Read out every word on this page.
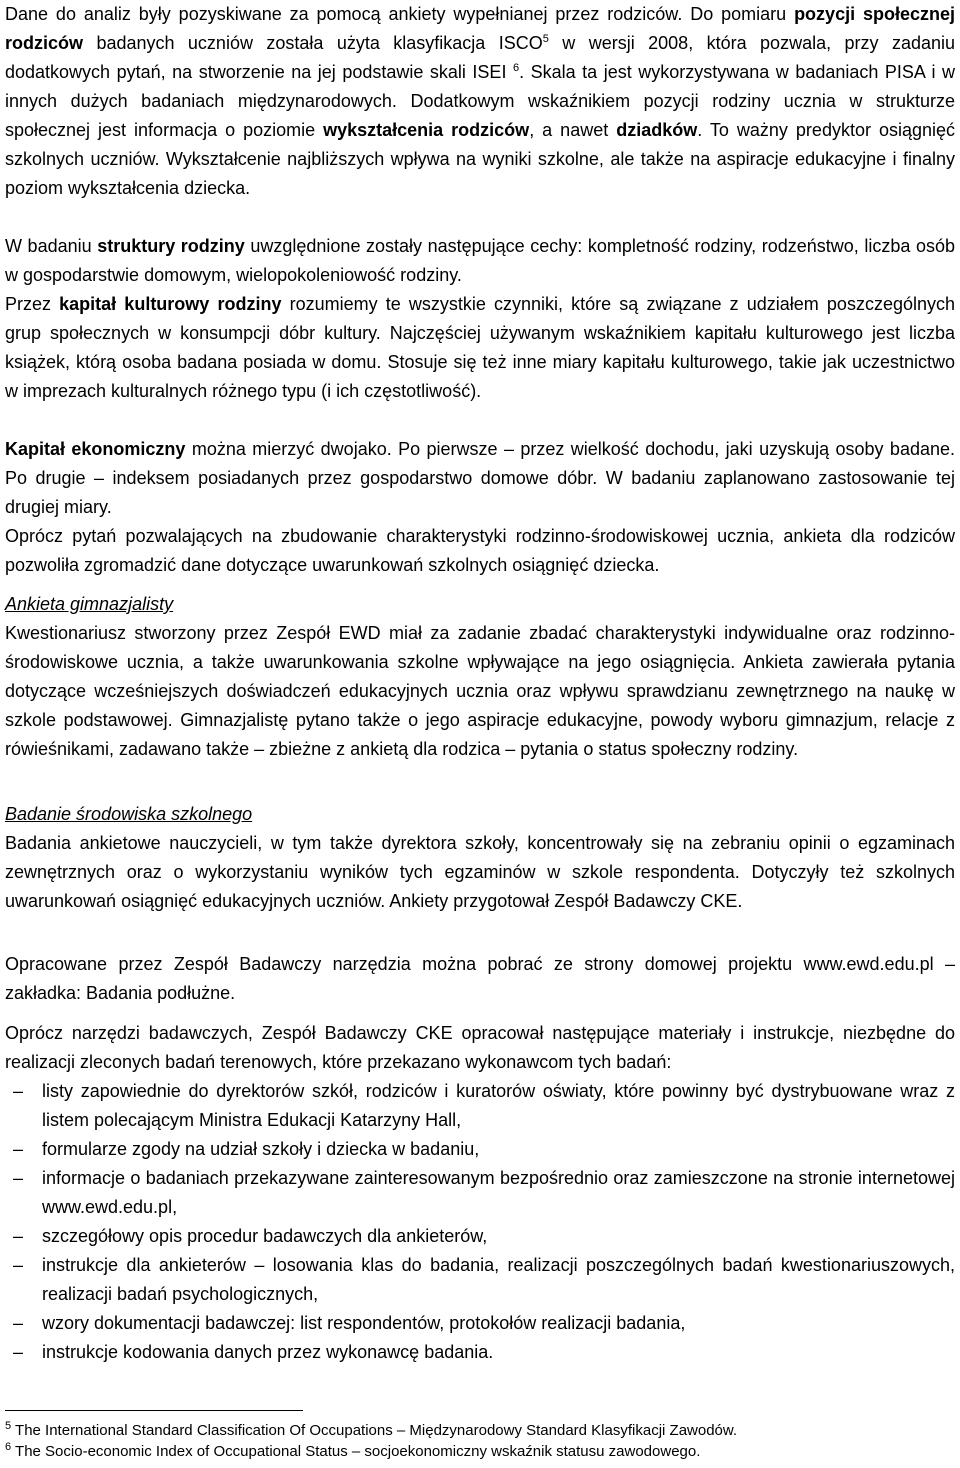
Dane do analiz były pozyskiwane za pomocą ankiety wypełnianej przez rodziców. Do pomiaru pozycji społecznej rodziców badanych uczniów została użyta klasyfikacja ISCO$^5$ w wersji 2008, która pozwala, przy zadaniu dodatkowych pytań, na stworzenie na jej podstawie skali ISEI $^6$. Skala ta jest wykorzystywana w badaniach PISA i w innych dużych badaniach międzynarodowych. Dodatkowym wskaźnikiem pozycji rodziny ucznia w strukturze społecznej jest informacja o poziomie wykształcenia rodziców, a nawet dziadków. To ważny predyktor osiągnięć szkolnych uczniów. Wykształcenie najbliższych wpływa na wyniki szkolne, ale także na aspiracje edukacyjne i finalny poziom wykształcenia dziecka.

W badaniu struktury rodziny uwzględnione zostały następujące cechy: kompletność rodziny, rodzeństwo, liczba osób w gospodarstwie domowym, wielopokoleniowość rodziny.

Przez kapitał kulturowy rodziny rozumiemy te wszystkie czynniki, które są związane z udziałem poszczególnych grup społecznych w konsumpcji dóbr kultury. Najczęściej używanym wskaźnikiem kapitału kulturowego jest liczba książek, którą osoba badana posiada w domu. Stosuje się też inne miary kapitału kulturowego, takie jak uczestnictwo w imprezach kulturalnych różnego typu (i ich częstotliwość).

Kapitał ekonomiczny można mierzyć dwojako. Po pierwsze – przez wielkość dochodu, jaki uzyskują osoby badane. Po drugie – indeksem posiadanych przez gospodarstwo domowe dóbr. W badaniu zaplanowano zastosowanie tej drugiej miary.

Oprócz pytań pozwalających na zbudowanie charakterystyki rodzinno-środowiskowej ucznia, ankieta dla rodziców pozwoliła zgromadzić dane dotyczące uwarunkowań szkolnych osiągnięć dziecka.

Ankieta gimnazjalisty

Kwestionariusz stworzony przez Zespół EWD miał za zadanie zbadać charakterystyki indywidualne oraz rodzinno-środowiskowe ucznia, a także uwarunkowania szkolne wpływające na jego osiągnięcia. Ankieta zawierała pytania dotyczące wcześniejszych doświadczeń edukacyjnych ucznia oraz wpływu sprawdzianu zewnętrznego na naukę w szkole podstawowej. Gimnazjalistę pytano także o jego aspiracje edukacyjne, powody wyboru gimnazjum, relacje z rówieśnikami, zadawano także – zbieżne z ankietą dla rodzica – pytania o status społeczny rodziny.

Badanie środowiska szkolnego

Badania ankietowe nauczycieli, w tym także dyrektora szkoły, koncentrowały się na zebraniu opinii o egzaminach zewnętrznych oraz o wykorzystaniu wyników tych egzaminów w szkole respondenta. Dotyczyły też szkolnych uwarunkowań osiągnięć edukacyjnych uczniów. Ankiety przygotował Zespół Badawczy CKE.

Opracowane przez Zespół Badawczy narzędzia można pobrać ze strony domowej projektu www.ewd.edu.pl – zakładka: Badania podłużne.

Oprócz narzędzi badawczych, Zespół Badawczy CKE opracował następujące materiały i instrukcje, niezbędne do realizacji zleconych badań terenowych, które przekazano wykonawcom tych badań:

–	listy zapowiednie do dyrektorów szkół, rodziców i kuratorów oświaty, które powinny być dystrybuowane wraz z listem polecającym Ministra Edukacji Katarzyny Hall,
–	formularze zgody na udział szkoły i dziecka w badaniu,
–	informacje o badaniach przekazywane zainteresowanym bezpośrednio oraz zamieszczone na stronie internetowej www.ewd.edu.pl,
–	szczegółowy opis procedur badawczych dla ankieterów,
–	instrukcje dla ankieterów – losowania klas do badania, realizacji poszczególnych badań kwestionariuszowych, realizacji badań psychologicznych,
–	wzory dokumentacji badawczej: list respondentów, protokołów realizacji badania,
–	instrukcje kodowania danych przez wykonawcę badania.
$^5$ The International Standard Classification Of Occupations – Międzynarodowy Standard Klasyfikacji Zawodów.
$^6$ The Socio-economic Index of Occupational Status – socjoekonomiczny wskaźnik statusu zawodowego.
